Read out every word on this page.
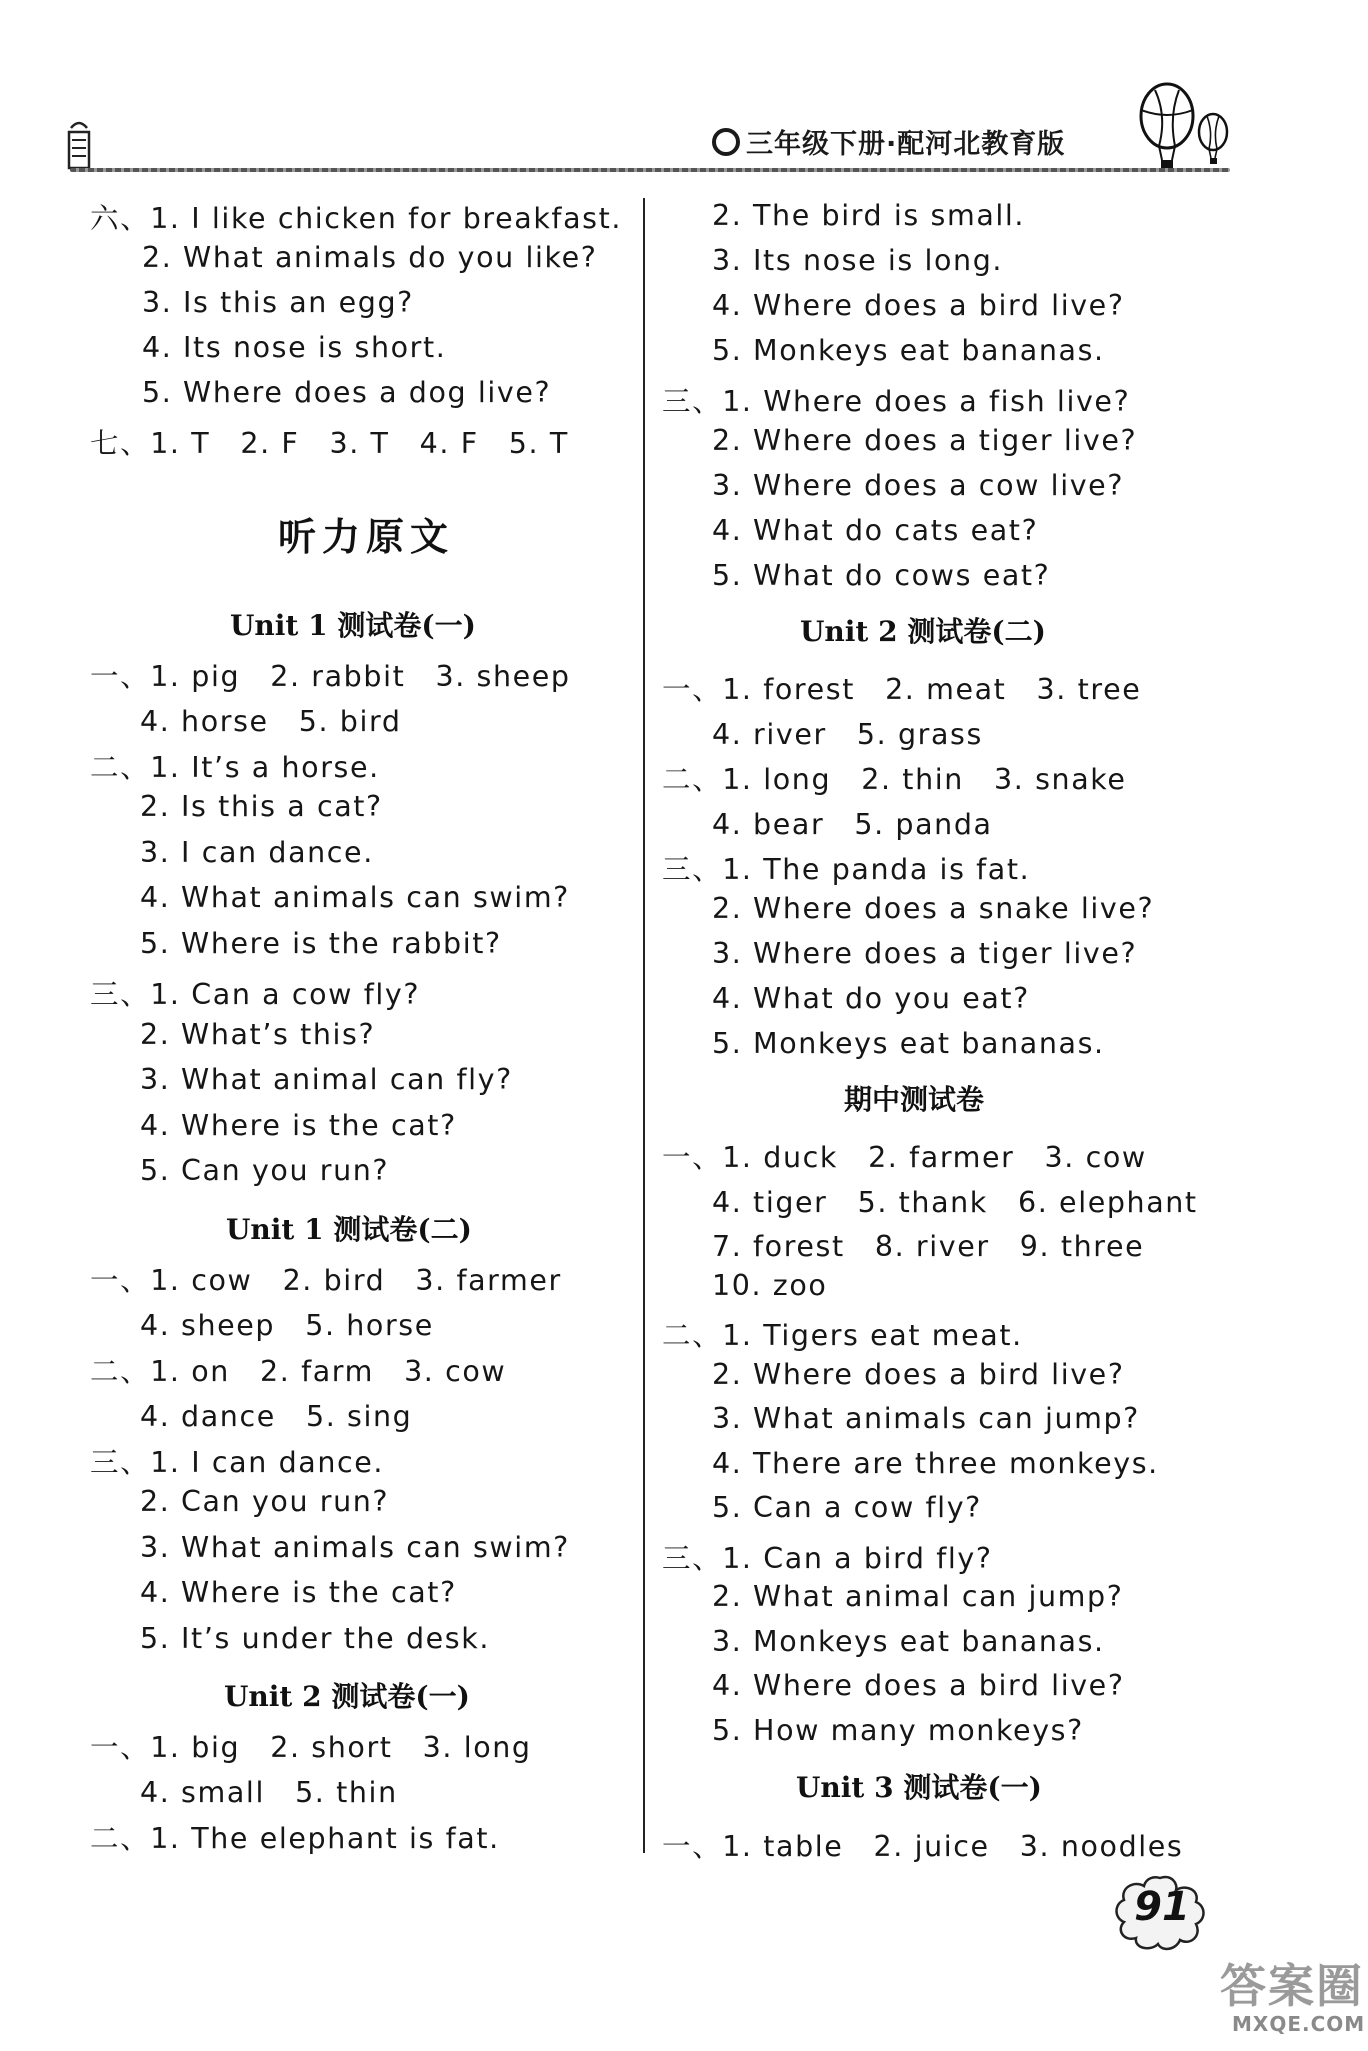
三年级下册·配河北教育版
六、1. I like chicken for breakfast.
2. What animals do you like?
3. Is this an egg?
4. Its nose is short.
5. Where does a dog live?
七、1. T　2. F　3. T　4. F　5. T
听力原文
Unit 1 测试卷(一)
一、1. pig　2. rabbit　3. sheep
4. horse　5. bird
二、1. It’s a horse.
2. Is this a cat?
3. I can dance.
4. What animals can swim?
5. Where is the rabbit?
三、1. Can a cow fly?
2. What’s this?
3. What animal can fly?
4. Where is the cat?
5. Can you run?
Unit 1 测试卷(二)
一、1. cow　2. bird　3. farmer
4. sheep　5. horse
二、1. on　2. farm　3. cow
4. dance　5. sing
三、1. I can dance.
2. Can you run?
3. What animals can swim?
4. Where is the cat?
5. It’s under the desk.
Unit 2 测试卷(一)
一、1. big　2. short　3. long
4. small　5. thin
二、1. The elephant is fat.
2. The bird is small.
3. Its nose is long.
4. Where does a bird live?
5. Monkeys eat bananas.
三、1. Where does a fish live?
2. Where does a tiger live?
3. Where does a cow live?
4. What do cats eat?
5. What do cows eat?
Unit 2 测试卷(二)
一、1. forest　2. meat　3. tree
4. river　5. grass
二、1. long　2. thin　3. snake
4. bear　5. panda
三、1. The panda is fat.
2. Where does a snake live?
3. Where does a tiger live?
4. What do you eat?
5. Monkeys eat bananas.
期中测试卷
一、1. duck　2. farmer　3. cow
4. tiger　5. thank　6. elephant
7. forest　8. river　9. three
10. zoo
二、1. Tigers eat meat.
2. Where does a bird live?
3. What animals can jump?
4. There are three monkeys.
5. Can a cow fly?
三、1. Can a bird fly?
2. What animal can jump?
3. Monkeys eat bananas.
4. Where does a bird live?
5. How many monkeys?
Unit 3 测试卷(一)
一、1. table　2. juice　3. noodles
91
答案圈
MXQE.COM
